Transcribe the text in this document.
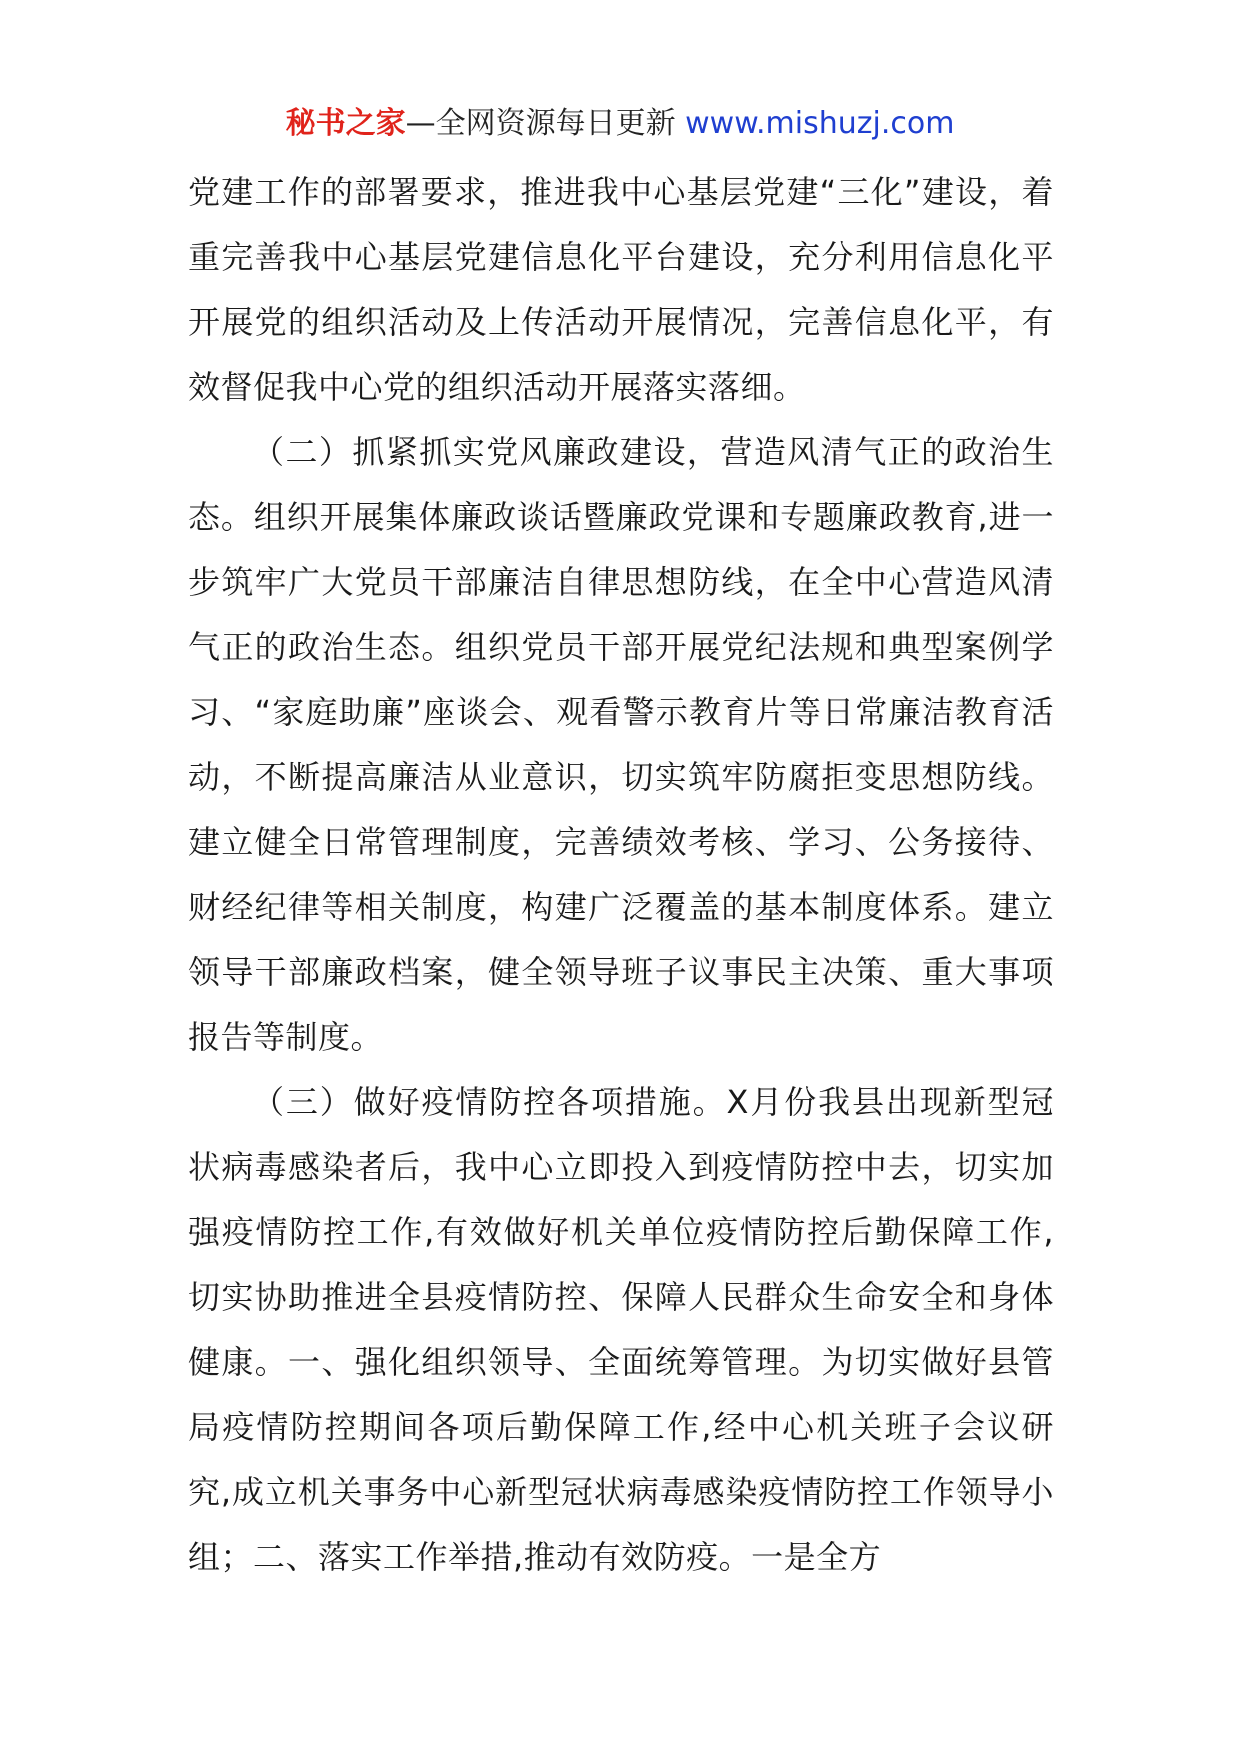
秘书之家—全网资源每日更新 www.mishuzj.com

党建工作的部署要求，推进我中心基层党建“三化”建设，着重完善我中心基层党建信息化平台建设，充分利用信息化平开展党的组织活动及上传活动开展情况，完善信息化平，有效督促我中心党的组织活动开展落实落细。

（二）抓紧抓实党风廉政建设，营造风清气正的政治生态。组织开展集体廉政谈话暨廉政党课和专题廉政教育,进一步筑牢广大党员干部廉洁自律思想防线，在全中心营造风清气正的政治生态。组织党员干部开展党纪法规和典型案例学习、“家庭助廉”座谈会、观看警示教育片等日常廉洁教育活动，不断提高廉洁从业意识，切实筑牢防腐拒变思想防线。建立健全日常管理制度，完善绩效考核、学习、公务接待、财经纪律等相关制度，构建广泛覆盖的基本制度体系。建立领导干部廉政档案，健全领导班子议事民主决策、重大事项报告等制度。

（三）做好疫情防控各项措施。X月份我县出现新型冠状病毒感染者后，我中心立即投入到疫情防控中去，切实加强疫情防控工作,有效做好机关单位疫情防控后勤保障工作,切实协助推进全县疫情防控、保障人民群众生命安全和身体健康。一、强化组织领导、全面统筹管理。为切实做好县管局疫情防控期间各项后勤保障工作,经中心机关班子会议研究,成立机关事务中心新型冠状病毒感染疫情防控工作领导小组；二、落实工作举措,推动有效防疫。一是全方
